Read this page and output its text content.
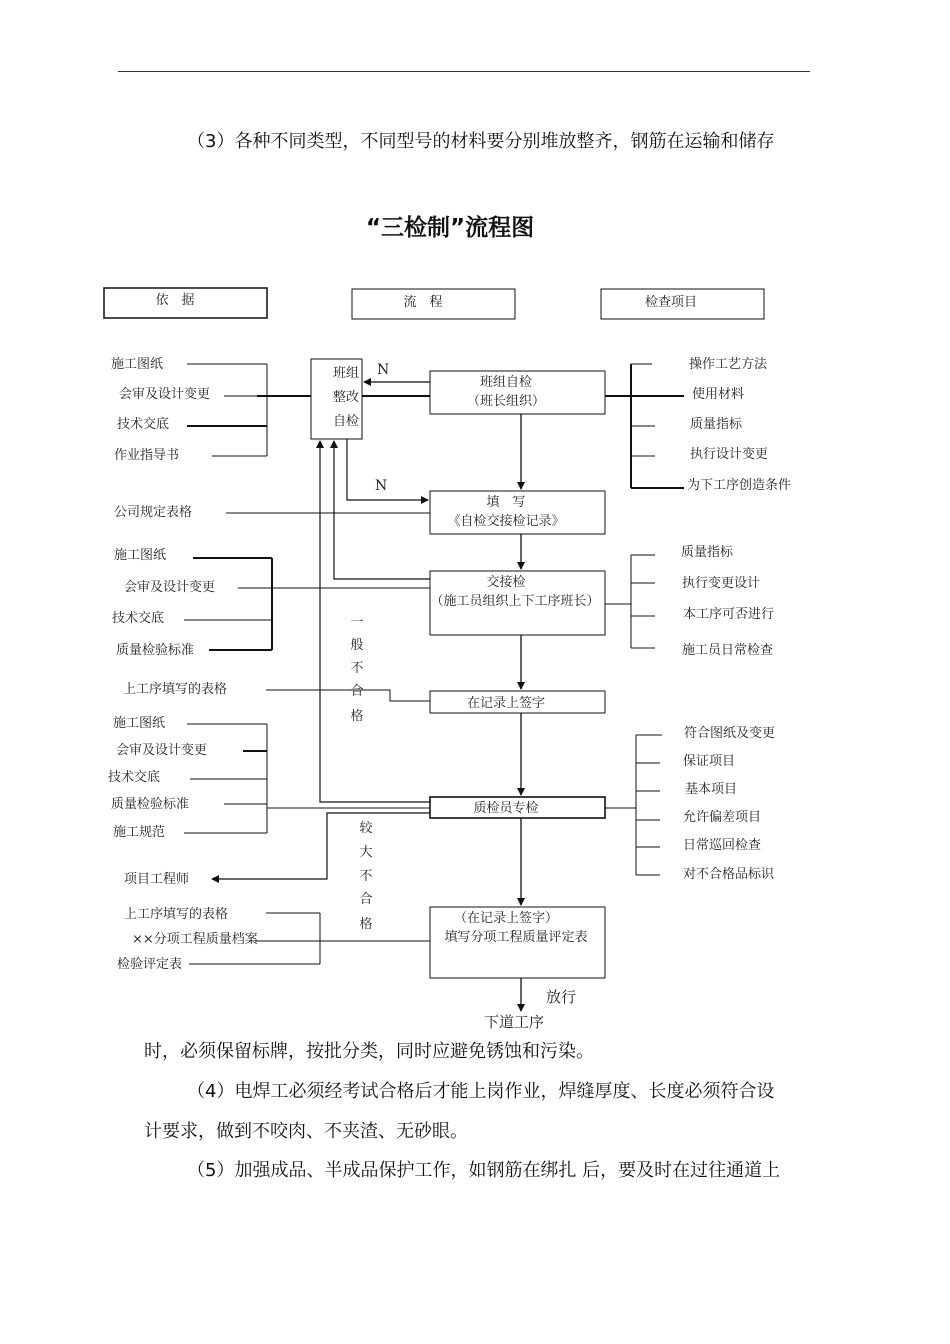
（3）各种不同类型，不同型号的材料要分别堆放整齐，钢筋在运输和储存
“三检制”流程图
依　据	流　程	检查项目
班组
整改
自检
班组自检
（班长组织）
填　写
《自检交接检记录》
交接检
（施工员组织上下工序班长）
在记录上签字
质检员专检
（在记录上签字）
填写分项工程质量评定表
放行
下道工序
N
N
一
般
不
合
格
较
大
不
合
格
施工图纸
会审及设计变更
技术交底
作业指导书
公司规定表格
施工图纸
会审及设计变更
技术交底
质量检验标准
上工序填写的表格
施工图纸
会审及设计变更
技术交底
质量检验标准
施工规范
项目工程师
上工序填写的表格
××分项工程质量档案
检验评定表
操作工艺方法
使用材料
质量指标
执行设计变更
为下工序创造条件
质量指标
执行变更设计
本工序可否进行
施工员日常检查
符合图纸及变更
保证项目
基本项目
允许偏差项目
日常巡回检查
对不合格品标识
时，必须保留标牌，按批分类，同时应避免锈蚀和污染。
（4）电焊工必须经考试合格后才能上岗作业，焊缝厚度、长度必须符合设
计要求，做到不咬肉、不夹渣、无砂眼。
（5）加强成品、半成品保护工作，如钢筋在绑扎 后，要及时在过往通道上
